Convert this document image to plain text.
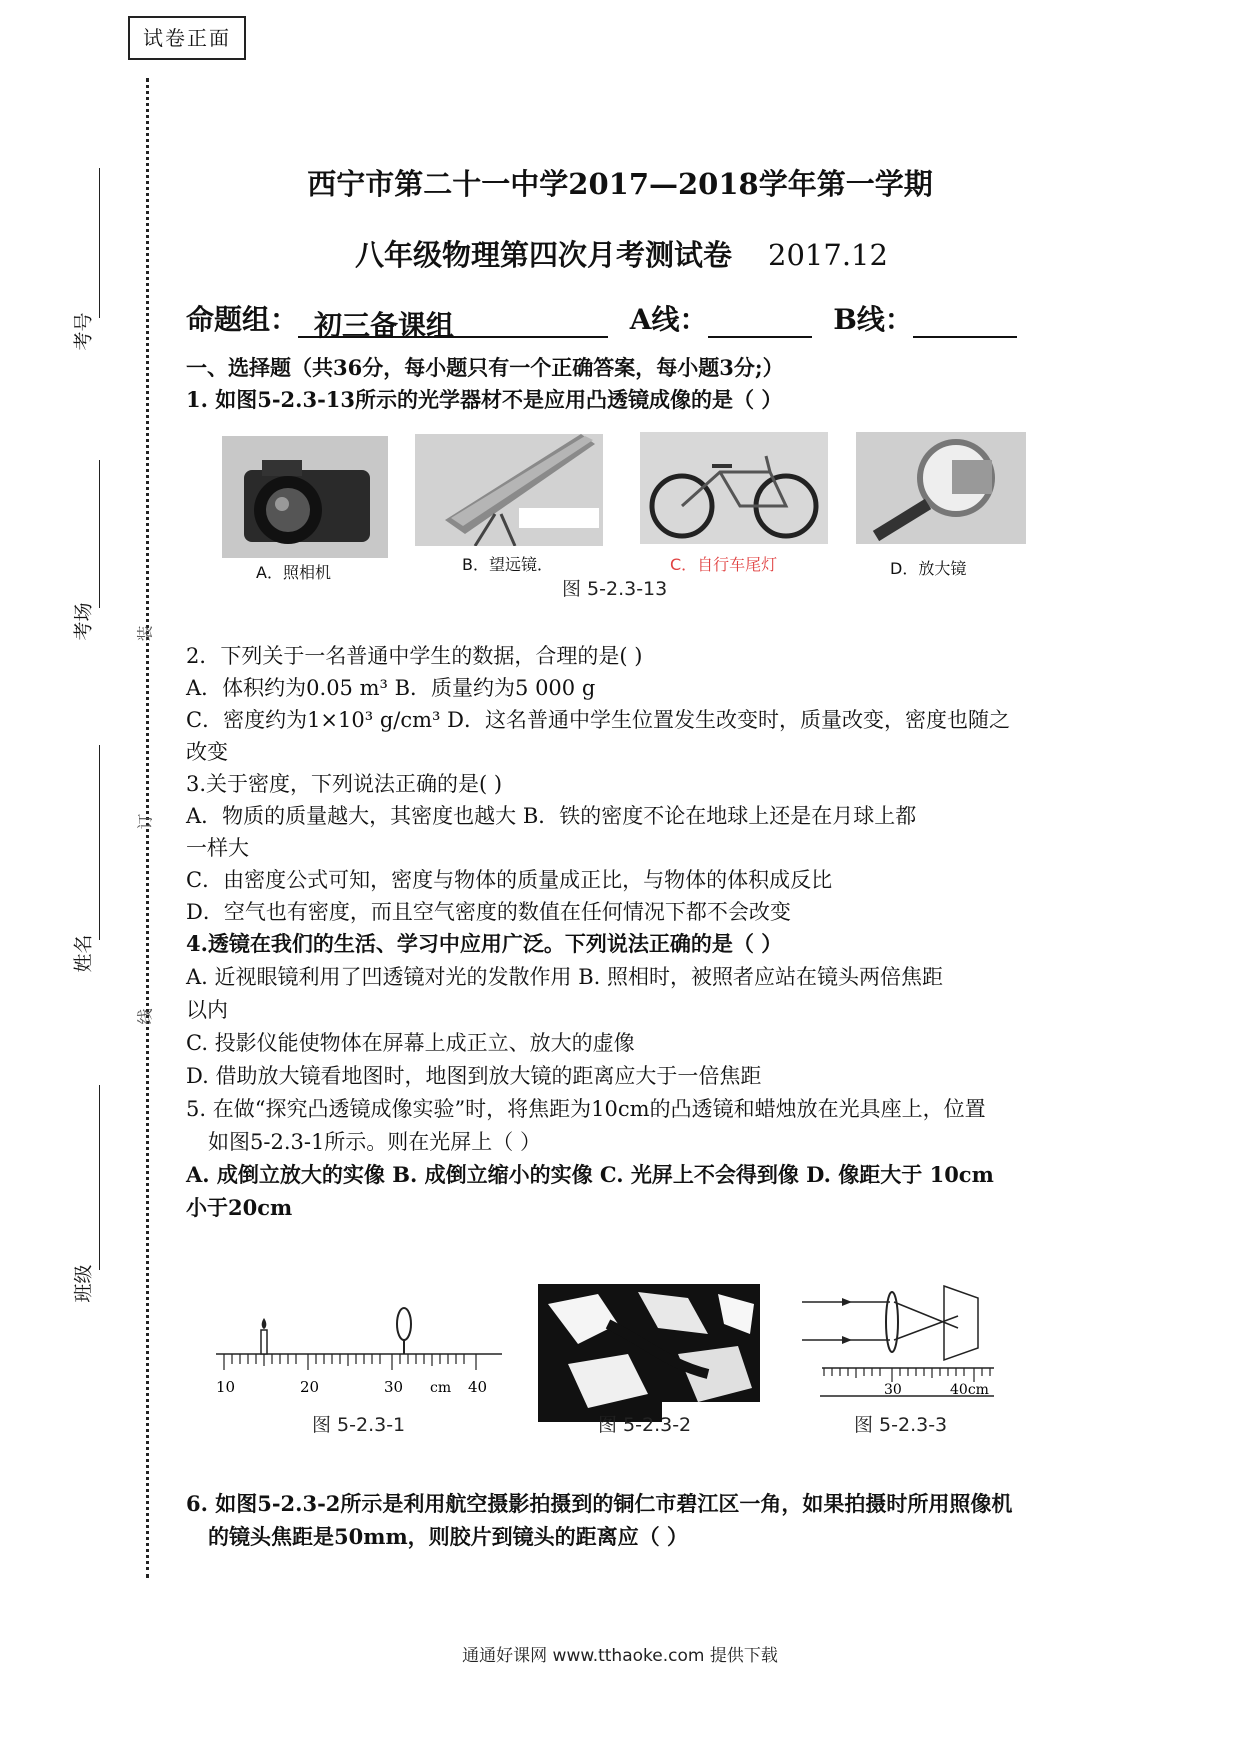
试卷正面
考号
考场
姓名
班级
装
订
线
西宁市第二十一中学2017—2018学年第一学期
八年级物理第四次月考测试卷 2017.12
命题组： 初三备课组	A线：	B线：
一、选择题（共36分，每小题只有一个正确答案，每小题3分;）
1. 如图5-2.3-13所示的光学器材不是应用凸透镜成像的是（ ）
A．照相机	B．望远镜．	C．自行车尾灯	D．放大镜
图 5-2.3-13
2．下列关于一名普通中学生的数据，合理的是( )
A．体积约为0.05 m³ B．质量约为5 000 g
C．密度约为1×10³ g/cm³ D．这名普通中学生位置发生改变时，质量改变，密度也随之
改变
3.关于密度，下列说法正确的是( )
A．物质的质量越大，其密度也越大 B．铁的密度不论在地球上还是在月球上都
一样大
C．由密度公式可知，密度与物体的质量成正比，与物体的体积成反比
D．空气也有密度，而且空气密度的数值在任何情况下都不会改变
4.透镜在我们的生活、学习中应用广泛。下列说法正确的是（ ）
A. 近视眼镜利用了凹透镜对光的发散作用 B. 照相时，被照者应站在镜头两倍焦距
以内
C. 投影仪能使物体在屏幕上成正立、放大的虚像
D. 借助放大镜看地图时，地图到放大镜的距离应大于一倍焦距
5. 在做“探究凸透镜成像实验”时，将焦距为10cm的凸透镜和蜡烛放在光具座上，位置
如图5-2.3-1所示。则在光屏上（ ）
A. 成倒立放大的实像 B. 成倒立缩小的实像 C. 光屏上不会得到像 D. 像距大于 10cm
小于20cm
10	20	30 cm 40	30	40cm
图 5-2.3-1	图 5-2.3-2	图 5-2.3-3
6. 如图5-2.3-2所示是利用航空摄影拍摄到的铜仁市碧江区一角，如果拍摄时所用照像机
的镜头焦距是50mm，则胶片到镜头的距离应（ ）
通通好课网 www.tthaoke.com 提供下载
